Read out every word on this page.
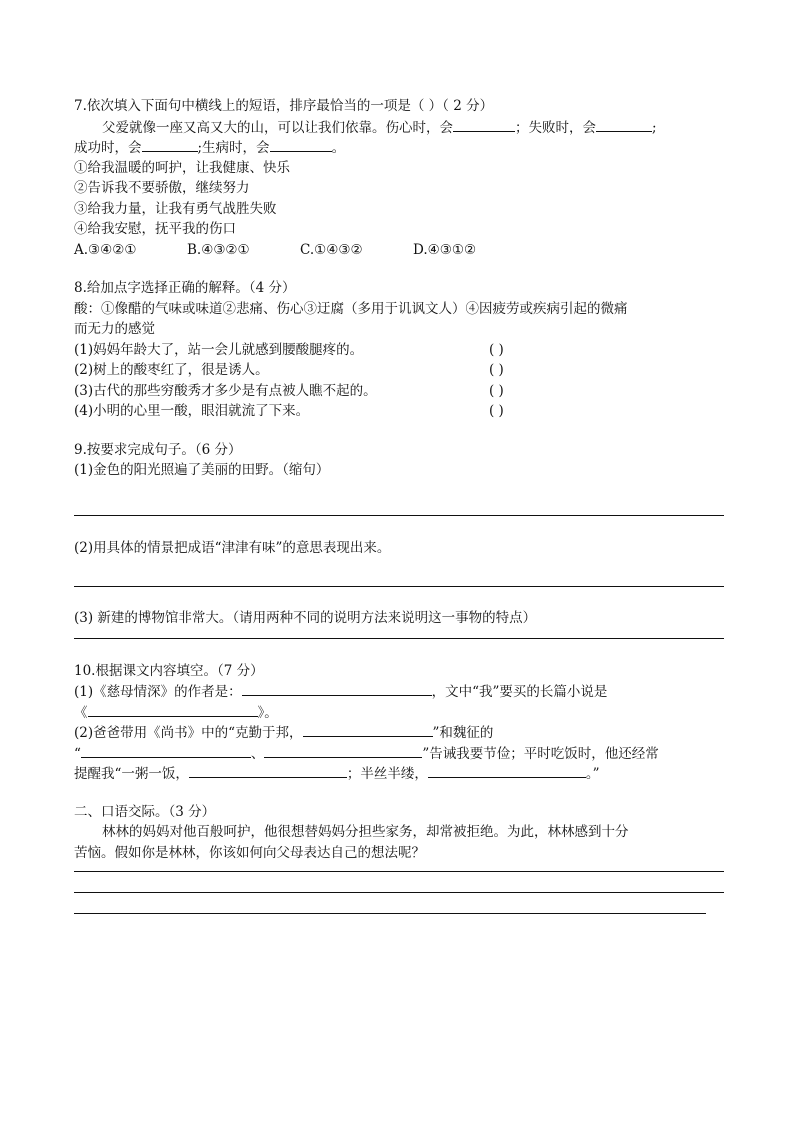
7.依次填入下面句中横线上的短语，排序最恰当的一项是（ ）（ 2 分）
父爱就像一座又高又大的山，可以让我们依靠。伤心时，会	；失败时，会	;
成功时，会	;生病时，会	。
①给我温暖的呵护，让我健康、快乐
②告诉我不要骄傲，继续努力
③给我力量，让我有勇气战胜失败
④给我安慰，抚平我的伤口
A.③④②①	B.④③②①	C.①④③②	D.④③①②
8.给加点字选择正确的解释。（4 分）
酸：①像醋的气味或味道②悲痛、伤心③迂腐（多用于讥讽文人）④因疲劳或疾病引起的微痛
而无力的感觉
(1)妈妈年龄大了，站一会儿就感到腰酸腿疼的。	( )
(2)树上的酸枣红了，很是诱人。	( )
(3)古代的那些穷酸秀才多少是有点被人瞧不起的。	( )
(4)小明的心里一酸，眼泪就流了下来。	( )
9.按要求完成句子。（6 分）
(1)金色的阳光照遍了美丽的田野。（缩句）
(2)用具体的情景把成语“津津有味”的意思表现出来。
(3) 新建的博物馆非常大。（请用两种不同的说明方法来说明这一事物的特点）
10.根据课文内容填空。（7 分）
(1)《慈母情深》的作者是：	，文中“我”要买的长篇小说是
《	》。
(2)爸爸带用《尚书》中的“克勤于邦，	”和魏征的
“	、	”告诫我要节俭；平时吃饭时，他还经常
提醒我“一粥一饭，	；半丝半缕，	。”
二、口语交际。（3 分）
林林的妈妈对他百般呵护，他很想替妈妈分担些家务，却常被拒绝。为此，林林感到十分
苦恼。假如你是林林，你该如何向父母表达自己的想法呢？
